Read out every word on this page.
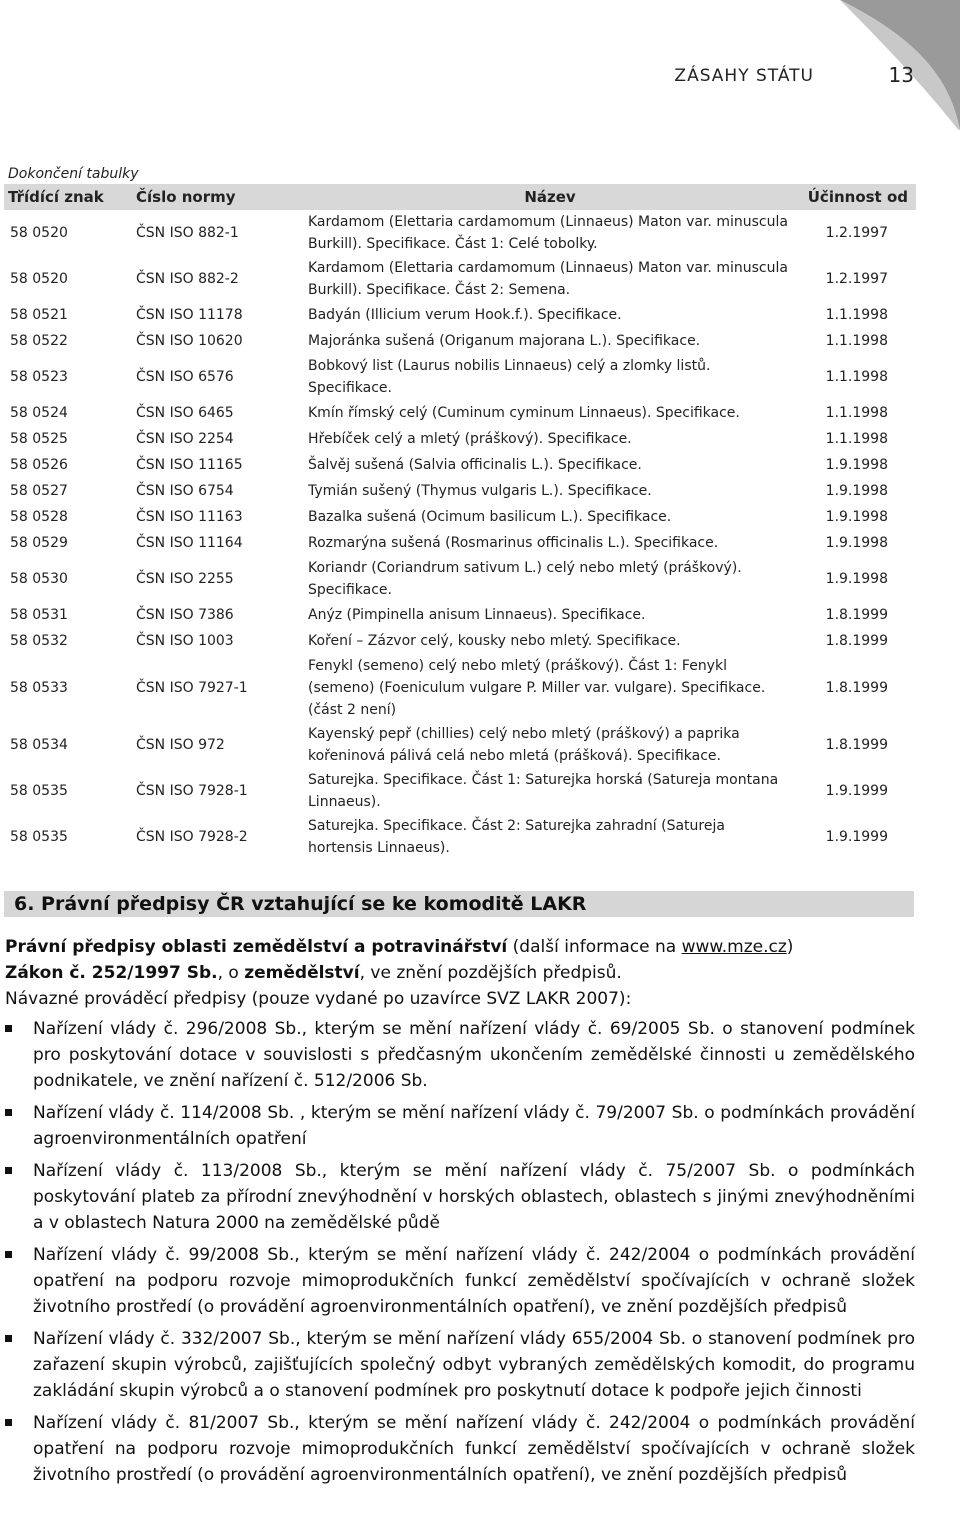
ZÁSAHY STÁTU	13
Dokončení tabulky
Třídící znak	Číslo normy	Název	Účinnost od
58 0520	ČSN ISO 882-1	Kardamom (Elettaria cardamomum (Linnaeus) Maton var. minuscula Burkill). Specifikace. Část 1: Celé tobolky.	1.2.1997
58 0520	ČSN ISO 882-2	Kardamom (Elettaria cardamomum (Linnaeus) Maton var. minuscula Burkill). Specifikace. Část 2: Semena.	1.2.1997
58 0521	ČSN ISO 11178	Badyán (Illicium verum Hook.f.). Specifikace.	1.1.1998
58 0522	ČSN ISO 10620	Majoránka sušená (Origanum majorana L.). Specifikace.	1.1.1998
58 0523	ČSN ISO 6576	Bobkový list (Laurus nobilis Linnaeus) celý a zlomky listů. Specifikace.	1.1.1998
58 0524	ČSN ISO 6465	Kmín římský celý (Cuminum cyminum Linnaeus). Specifikace.	1.1.1998
58 0525	ČSN ISO 2254	Hřebíček celý a mletý (práškový). Specifikace.	1.1.1998
58 0526	ČSN ISO 11165	Šalvěj sušená (Salvia officinalis L.). Specifikace.	1.9.1998
58 0527	ČSN ISO 6754	Tymián sušený (Thymus vulgaris L.). Specifikace.	1.9.1998
58 0528	ČSN ISO 11163	Bazalka sušená (Ocimum basilicum L.). Specifikace.	1.9.1998
58 0529	ČSN ISO 11164	Rozmarýna sušená (Rosmarinus officinalis L.). Specifikace.	1.9.1998
58 0530	ČSN ISO 2255	Koriandr (Coriandrum sativum L.) celý nebo mletý (práškový). Specifikace.	1.9.1998
58 0531	ČSN ISO 7386	Anýz (Pimpinella anisum Linnaeus). Specifikace.	1.8.1999
58 0532	ČSN ISO 1003	Koření – Zázvor celý, kousky nebo mletý. Specifikace.	1.8.1999
58 0533	ČSN ISO 7927-1	Fenykl (semeno) celý nebo mletý (práškový). Část 1: Fenykl (semeno) (Foeniculum vulgare P. Miller var. vulgare). Specifikace. (část 2 není)	1.8.1999
58 0534	ČSN ISO 972	Kayenský pepř (chillies) celý nebo mletý (práškový) a paprika kořeninová pálivá celá nebo mletá (prášková). Specifikace.	1.8.1999
58 0535	ČSN ISO 7928-1	Saturejka. Specifikace. Část 1: Saturejka horská (Satureja montana Linnaeus).	1.9.1999
58 0535	ČSN ISO 7928-2	Saturejka. Specifikace. Část 2: Saturejka zahradní (Satureja hortensis Linnaeus).	1.9.1999
6. Právní předpisy ČR vztahující se ke komoditě LAKR

Právní předpisy oblasti zemědělství a potravinářství (další informace na www.mze.cz)

Zákon č. 252/1997 Sb., o zemědělství, ve znění pozdějších předpisů.

Návazné prováděcí předpisy (pouze vydané po uzavírce SVZ LAKR 2007):

Nařízení vlády č. 296/2008 Sb., kterým se mění nařízení vlády č. 69/2005 Sb. o stanovení podmínek pro poskytování dotace v souvislosti s předčasným ukončením zemědělské činnosti u zemědělského podnikatele, ve znění nařízení č. 512/2006 Sb.
Nařízení vlády č. 114/2008 Sb. , kterým se mění nařízení vlády č. 79/2007 Sb. o podmínkách provádění agroenvironmentálních opatření
Nařízení vlády č. 113/2008 Sb., kterým se mění nařízení vlády č. 75/2007 Sb. o podmínkách poskytování plateb za přírodní znevýhodnění v horských oblastech, oblastech s jinými znevýhodněními a v oblastech Natura 2000 na zemědělské půdě
Nařízení vlády č. 99/2008 Sb., kterým se mění nařízení vlády č. 242/2004 o podmínkách provádění opatření na podporu rozvoje mimoprodukčních funkcí zemědělství spočívajících v ochraně složek životního prostředí (o provádění agroenvironmentálních opatření), ve znění pozdějších předpisů
Nařízení vlády č. 332/2007 Sb., kterým se mění nařízení vlády 655/2004 Sb. o stanovení podmínek pro zařazení skupin výrobců, zajišťujících společný odbyt vybraných zemědělských komodit, do programu zakládání skupin výrobců a o stanovení podmínek pro poskytnutí dotace k podpoře jejich činnosti
Nařízení vlády č. 81/2007 Sb., kterým se mění nařízení vlády č. 242/2004 o podmínkách provádění opatření na podporu rozvoje mimoprodukčních funkcí zemědělství spočívajících v ochraně složek životního prostředí (o provádění agroenvironmentálních opatření), ve znění pozdějších předpisů
